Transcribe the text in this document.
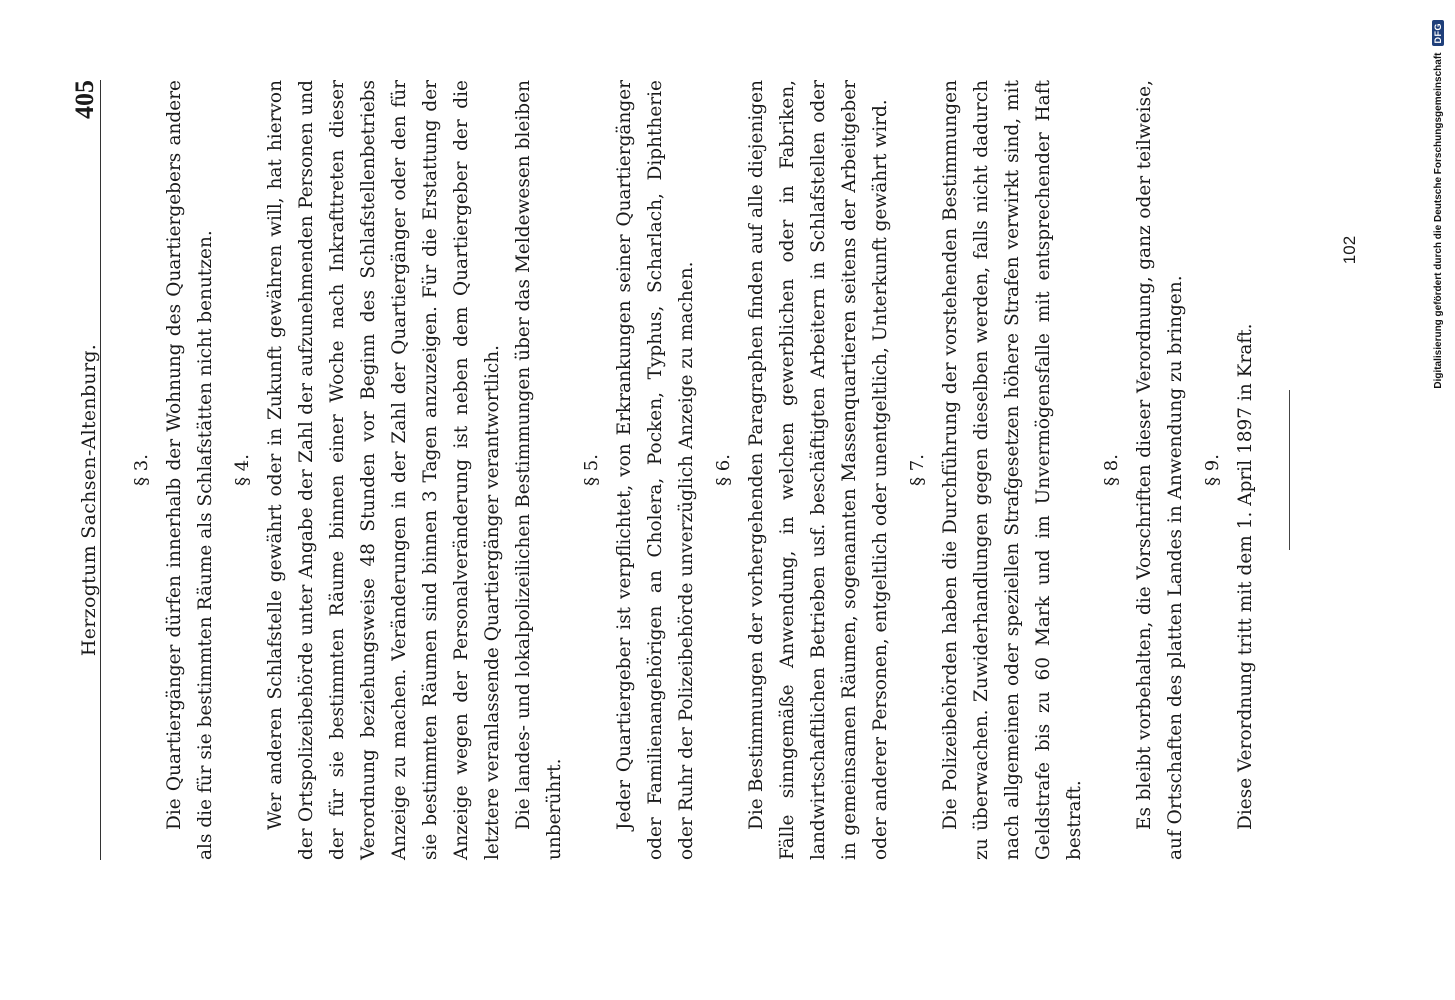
Herzogtum Sachsen-Altenburg.
405
§ 3. Die Quartiergänger dürfen innerhalb der Wohnung des Quartiergebers andere als die für sie bestimmten Räume als Schlafstätten nicht benutzen. § 4. Wer anderen Schlafstelle gewährt oder in Zukunft gewähren will, hat hiervon der Ortspolizeibehörde unter Angabe der Zahl der aufzunehmenden Personen und der für sie bestimmten Räume binnen einer Woche nach Inkrafttreten dieser Verordnung beziehungsweise 48 Stunden vor Beginn des Schlafstellenbetriebs Anzeige zu machen. Veränderungen in der Zahl der Quartiergänger oder den für sie bestimmten Räumen sind binnen 3 Tagen anzuzeigen. Für die Erstattung der Anzeige wegen der Personalveränderung ist neben dem Quartiergeber der die letztere veranlassende Quartiergänger verantwortlich. Die landes- und lokalpolizeilichen Bestimmungen über das Meldewesen bleiben unberührt.

§ 5. Jeder Quartiergeber ist verpflichtet, von Erkrankungen seiner Quartiergänger oder Familienangehörigen an Cholera, Pocken, Typhus, Scharlach, Diphtherie oder Ruhr der Polizeibehörde unverzüglich Anzeige zu machen. § 6. Die Bestimmungen der vorhergehenden Paragraphen finden auf alle diejenigen Fälle sinngemäße Anwendung, in welchen gewerblichen oder in Fabriken, landwirtschaftlichen Betrieben usf. beschäftigten Arbeitern in Schlafstellen oder in gemeinsamen Räumen, sogenannten Massenquartieren seitens der Arbeitgeber oder anderer Personen, entgeltlich oder unentgeltlich, Unterkunft gewährt wird. § 7. Die Polizeibehörden haben die Durchführung der vorstehenden Bestimmungen zu überwachen. Zuwiderhandlungen gegen dieselben werden, falls nicht dadurch nach allgemeinen oder speziellen Strafgesetzen höhere Strafen verwirkt sind, mit Geldstrafe bis zu 60 Mark und im Unvermögensfalle mit entsprechender Haft bestraft.

§ 8. Es bleibt vorbehalten, die Vorschriften dieser Verordnung, ganz oder teilweise, auf Ortschaften des platten Landes in Anwendung zu bringen. § 9. Diese Verordnung tritt mit dem 1. April 1897 in Kraft.

102	Digitalisierung gefördert durch die Deutsche Forschungsgemeinschaft
DFG
